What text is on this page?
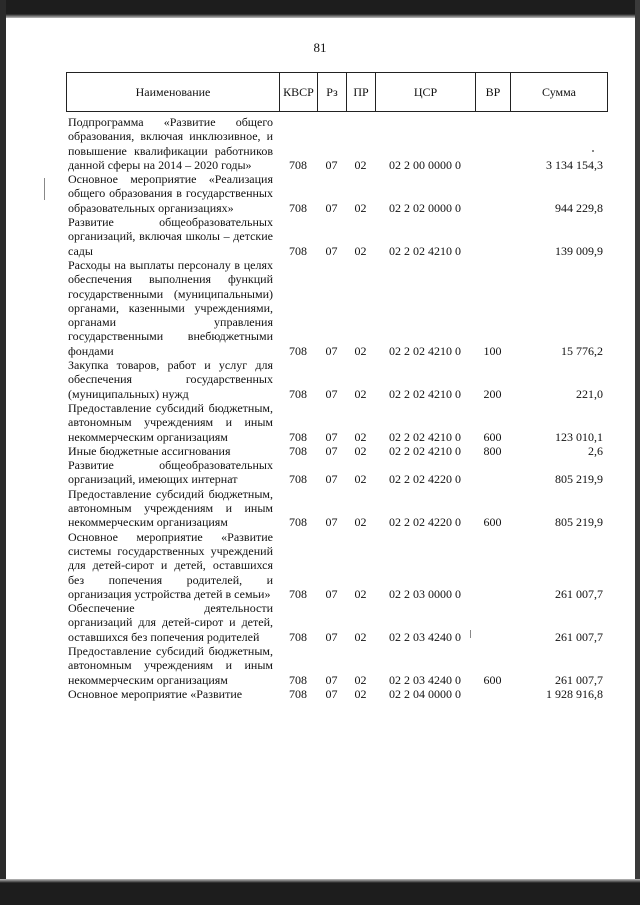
81
Наименование	КВСР	Рз	ПР	ЦСР	ВР	Сумма
Подпрограмма «Развитие общего образования, включая инклюзивное, и повышение квалификации работников данной сферы на 2014 – 2020 годы»	708	07	02	02 2 00 0000 0		3 134 154,3
Основное мероприятие «Реализация общего образования в государственных образовательных организациях»	708	07	02	02 2 02 0000 0		944 229,8
Развитие общеобразовательных организаций, включая школы – детские сады	708	07	02	02 2 02 4210 0		139 009,9
Расходы на выплаты персоналу в целях обеспечения выполнения функций государственными (муниципальными) органами, казенными учреждениями, органами управления государственными внебюджетными фондами	708	07	02	02 2 02 4210 0	100	15 776,2
Закупка товаров, работ и услуг для обеспечения государственных (муниципальных) нужд	708	07	02	02 2 02 4210 0	200	221,0
Предоставление субсидий бюджетным, автономным учреждениям и иным некоммерческим организациям	708	07	02	02 2 02 4210 0	600	123 010,1
Иные бюджетные ассигнования	708	07	02	02 2 02 4210 0	800	2,6
Развитие общеобразовательных организаций, имеющих интернат	708	07	02	02 2 02 4220 0		805 219,9
Предоставление субсидий бюджетным, автономным учреждениям и иным некоммерческим организациям	708	07	02	02 2 02 4220 0	600	805 219,9
Основное мероприятие «Развитие системы государственных учреждений для детей-сирот и детей, оставшихся без попечения родителей, и организация устройства детей в семьи»	708	07	02	02 2 03 0000 0		261 007,7
Обеспечение деятельности организаций для детей-сирот и детей, оставшихся без попечения родителей	708	07	02	02 2 03 4240 0		261 007,7
Предоставление субсидий бюджетным, автономным учреждениям и иным некоммерческим организациям	708	07	02	02 2 03 4240 0	600	261 007,7
Основное мероприятие «Развитие	708	07	02	02 2 04 0000 0		1 928 916,8
